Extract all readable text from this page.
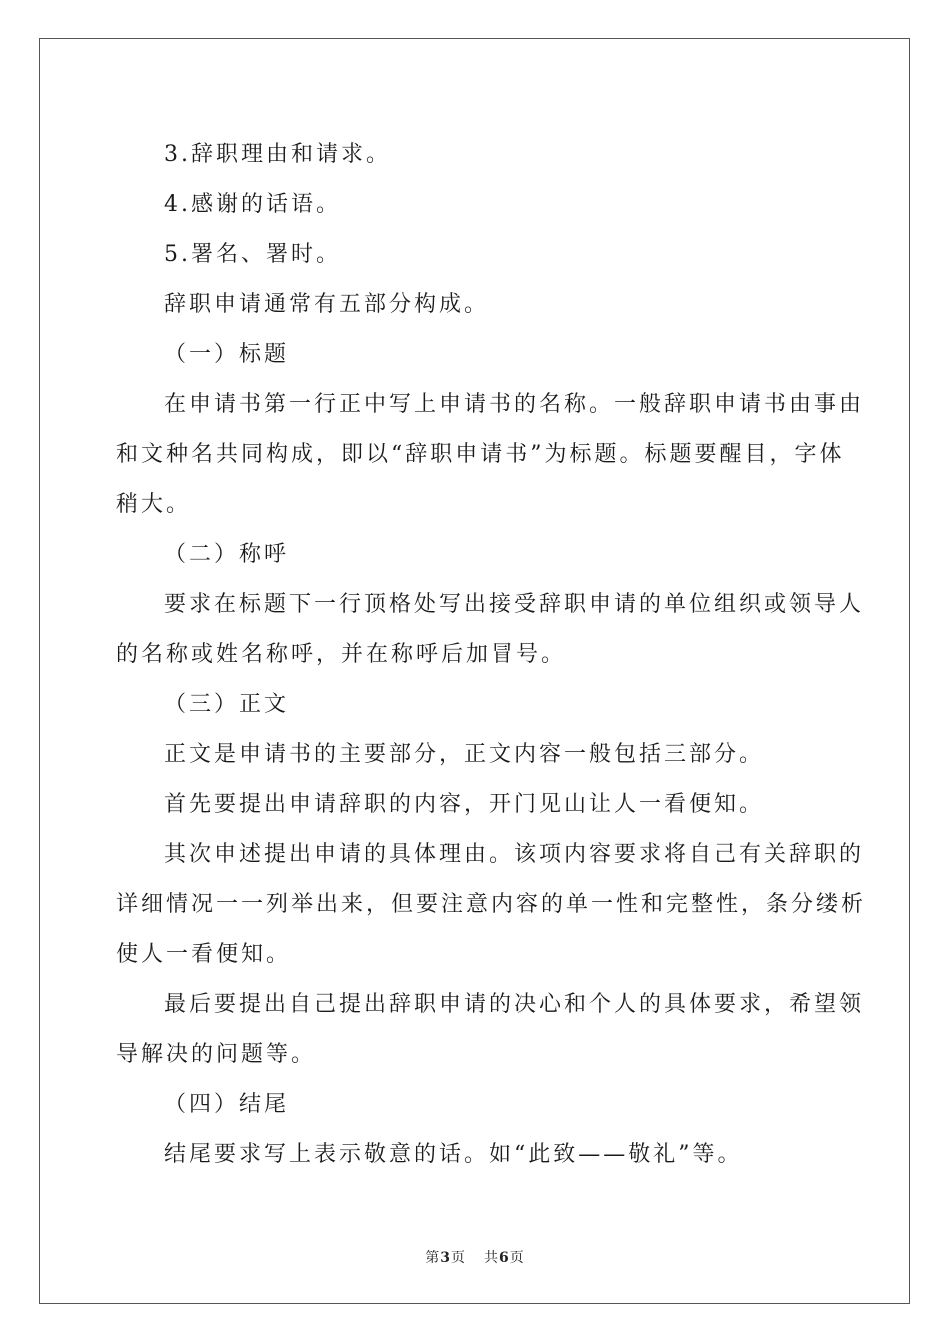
3.辞职理由和请求。
4.感谢的话语。
5.署名、署时。
辞职申请通常有五部分构成。
（一）标题
在申请书第一行正中写上申请书的名称。一般辞职申请书由事由
和文种名共同构成，即以“辞职申请书”为标题。标题要醒目，字体
稍大。
（二）称呼
要求在标题下一行顶格处写出接受辞职申请的单位组织或领导人
的名称或姓名称呼，并在称呼后加冒号。
（三）正文
正文是申请书的主要部分，正文内容一般包括三部分。
首先要提出申请辞职的内容，开门见山让人一看便知。
其次申述提出申请的具体理由。该项内容要求将自己有关辞职的
详细情况一一列举出来，但要注意内容的单一性和完整性，条分缕析
使人一看便知。
最后要提出自己提出辞职申请的决心和个人的具体要求，希望领
导解决的问题等。
（四）结尾
结尾要求写上表示敬意的话。如“此致——敬礼”等。
第3页 共6页
